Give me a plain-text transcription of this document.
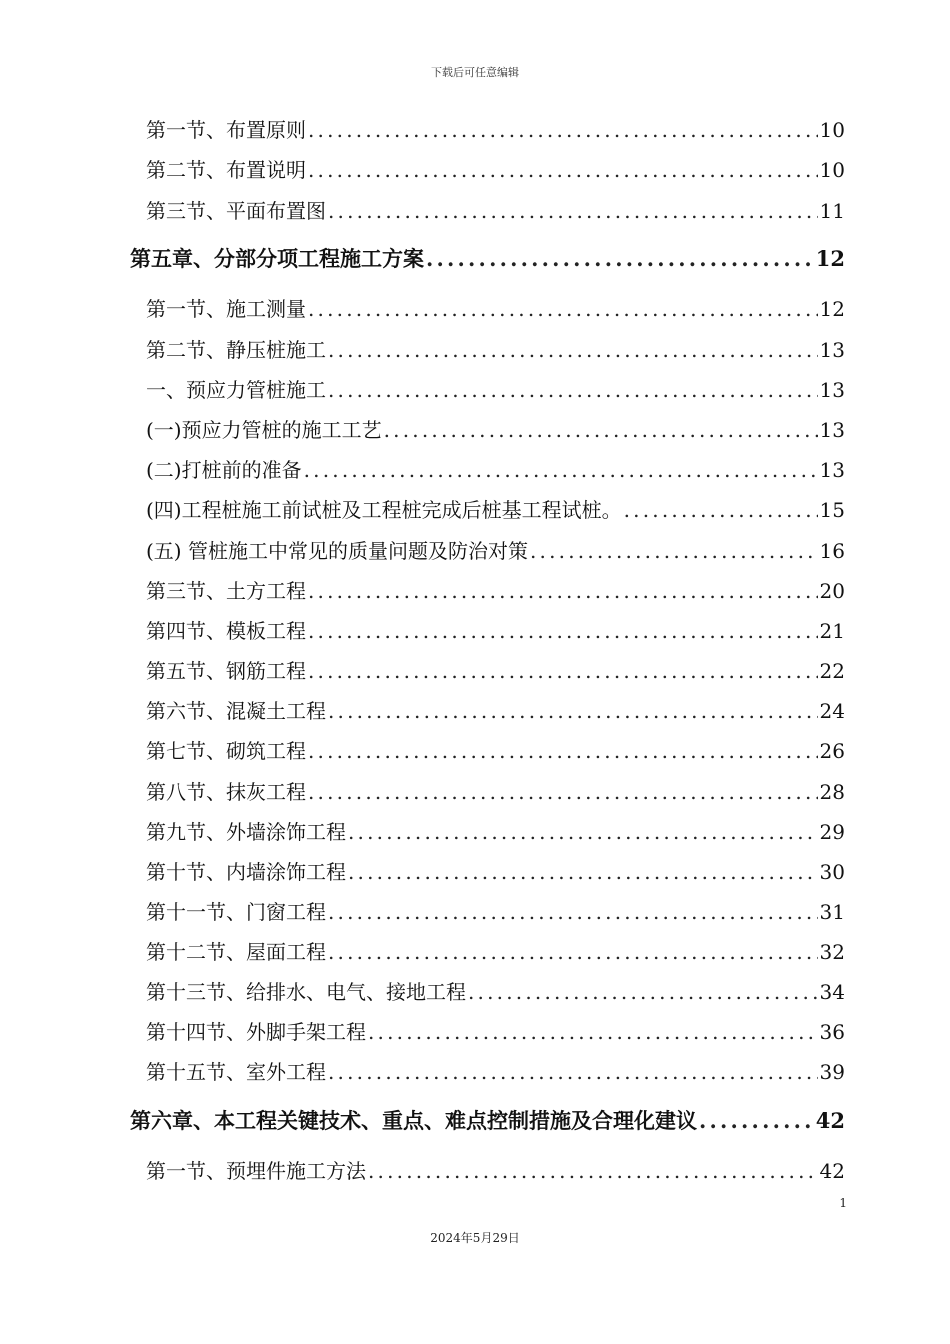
下载后可任意编辑
第一节、布置原则 .....	10
第二节、布置说明 .....	10
第三节、平面布置图 .....	11
第五章、分部分项工程施工方案 .....	12
第一节、施工测量 .....	12
第二节、静压桩施工 .....	13
一、预应力管桩施工 .....	13
(一)预应力管桩的施工工艺 .....	13
(二)打桩前的准备 .....	13
(四)工程桩施工前试桩及工程桩完成后桩基工程试桩。 .....	15
(五) 管桩施工中常见的质量问题及防治对策 .....	16
第三节、土方工程 .....	20
第四节、模板工程 .....	21
第五节、钢筋工程 .....	22
第六节、混凝土工程 .....	24
第七节、砌筑工程 .....	26
第八节、抹灰工程 .....	28
第九节、外墙涂饰工程 .....	29
第十节、内墙涂饰工程 .....	30
第十一节、门窗工程 .....	31
第十二节、屋面工程 .....	32
第十三节、给排水、电气、接地工程 .....	34
第十四节、外脚手架工程 .....	36
第十五节、室外工程 .....	39
第六章、本工程关键技术、重点、难点控制措施及合理化建议 .....	42
第一节、预埋件施工方法 .....	42
1
2024年5月29日
